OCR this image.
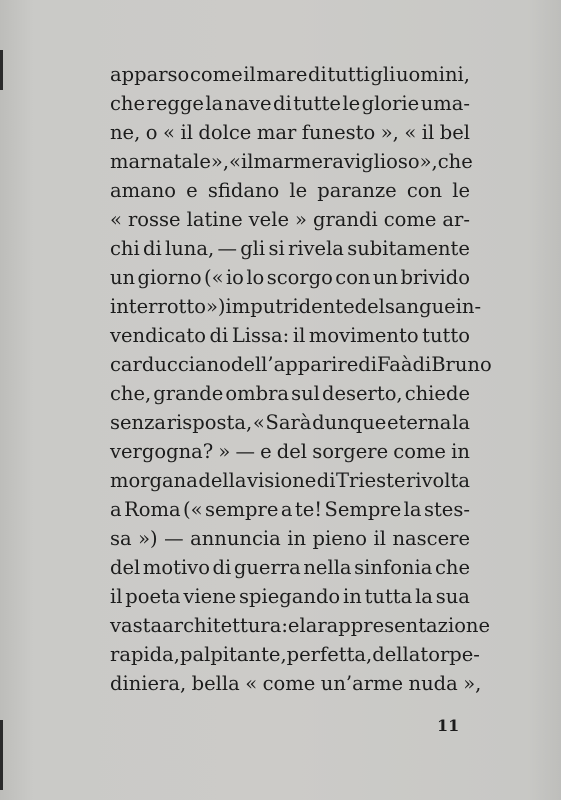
apparso come il mare di tutti gli uomini,
che regge la nave di tutte le glorie uma-
ne, o « il dolce mar funesto », « il bel
mar natale », « il mar meraviglioso », che
amano e sfidano le paranze con le
« rosse latine vele » grandi come ar-
chi di luna, — gli si rivela subitamente
un giorno (« io lo scorgo con un brivido
interrotto ») imputridente del sangue in-
vendicato di Lissa: il movimento tutto
carducciano dell’apparire di Faà di Bruno
che, grande ombra sul deserto, chiede
senza risposta, « Sarà dunque eterna la
vergogna? » — e del sorgere come in
morgana della visione di Trieste rivolta
a Roma (« sempre a te! Sempre la stes-
sa ») — annuncia in pieno il nascere
del motivo di guerra nella sinfonia che
il poeta viene spiegando in tutta la sua
vasta architettura: e la rappresentazione
rapida, palpitante, perfetta, della torpe-
diniera, bella « come un’arme nuda »,
11
